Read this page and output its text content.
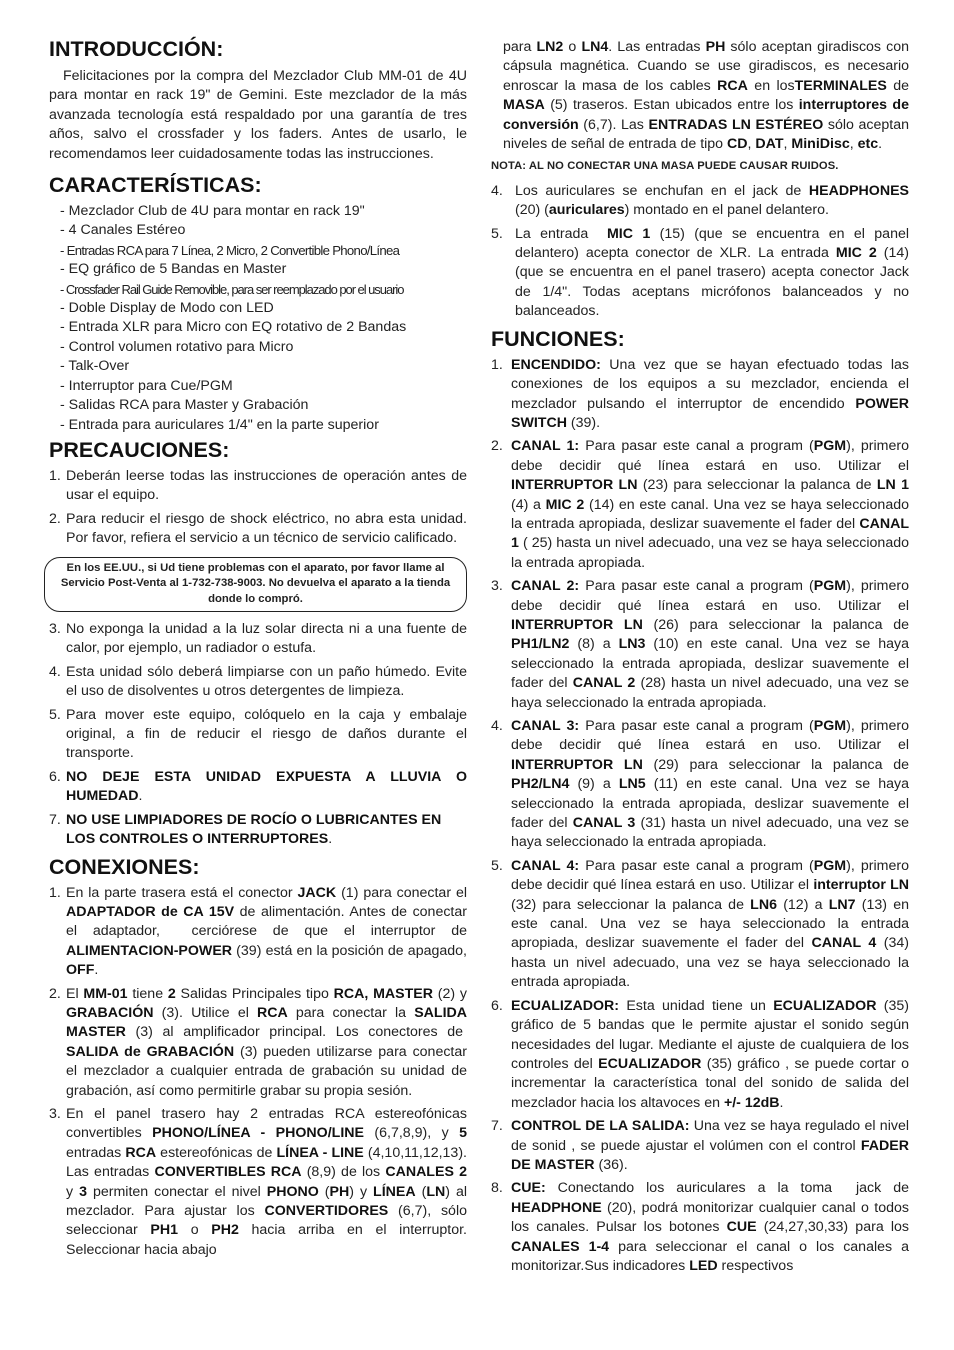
INTRODUCCIÓN:

Felicitaciones por la compra del Mezclador Club MM-01 de 4U para montar en rack 19" de Gemini. Este mezclador de la más avanzada tecnología está respaldado por una garantía de tres años, salvo el crossfader y los faders. Antes de usarlo, le recomendamos leer cuidadosamente todas las instrucciones.

CARACTERÍSTICAS:
- Mezclador Club de 4U para montar en rack 19"
- 4 Canales Estéreo
- Entradas RCA para 7 Línea, 2 Micro, 2 Convertible Phono/Línea
- EQ gráfico de 5 Bandas en Master
- Crossfader Rail Guide Removible, para ser reemplazado por el usuario
- Doble Display de Modo con LED
- Entrada XLR para Micro con EQ rotativo de 2 Bandas
- Control volumen rotativo para Micro
- Talk-Over
- Interruptor para Cue/PGM
- Salidas RCA para Master y Grabación
- Entrada para auriculares 1/4" en la parte superior
PRECAUCIONES:
1. Deberán leerse todas las instrucciones de operación antes de usar el equipo.
2. Para reducir el riesgo de shock eléctrico, no abra esta unidad. Por favor, refiera el servicio a un técnico de servicio calificado.
En los EE.UU., si Ud tiene problemas con el aparato, por favor llame al Servicio Post-Venta al 1-732-738-9003. No devuelva el aparato a la tienda donde lo compró.
3. No exponga la unidad a la luz solar directa ni a una fuente de calor, por ejemplo, un radiador o estufa.
4. Esta unidad sólo deberá limpiarse con un paño húmedo. Evite el uso de disolventes u otros detergentes de limpieza.
5. Para mover este equipo, colóquelo en la caja y embalaje original, a fin de reducir el riesgo de daños durante el transporte.
6. NO DEJE ESTA UNIDAD EXPUESTA A LLUVIA O HUMEDAD.
7. NO USE LIMPIADORES DE ROCÍO O LUBRICANTES EN LOS CONTROLES O INTERRUPTORES.
CONEXIONES:
1. En la parte trasera está el conector JACK (1) para conectar el ADAPTADOR de CA 15V de alimentación. Antes de conectar el adaptador,  cerciórese de que el interruptor de ALIMENTACION-POWER (39) está en la posición de apagado, OFF.
2. El MM-01 tiene 2 Salidas Principales tipo RCA, MASTER (2) y GRABACIÓN (3). Utilice el RCA para conectar la SALIDA MASTER (3) al amplificador principal. Los conectores de  SALIDA de GRABACIÓN (3) pueden utilizarse para conectar el mezclador a cualquier entrada de grabación su unidad de grabación, así como permitirle grabar su propia sesión.
3. En el panel trasero hay 2 entradas RCA estereofónicas convertibles PHONO/LÍNEA - PHONO/LINE (6,7,8,9), y 5 entradas RCA estereofónicas de LÍNEA - LINE (4,10,11,12,13). Las entradas CONVERTIBLES RCA (8,9) de los CANALES 2 y 3 permiten conectar el nivel PHONO (PH) y LÍNEA (LN) al mezclador. Para ajustar los CONVERTIDORES (6,7), sólo seleccionar PH1 o PH2 hacia arriba en el interruptor. Seleccionar hacia abajo

para LN2 o LN4. Las entradas PH sólo aceptan giradiscos con cápsula magnética. Cuando se use giradiscos, es necesario enroscar la masa de los cables RCA en losTERMINALES de MASA (5) traseros. Estan ubicados entre los interruptores de conversión (6,7). Las ENTRADAS LN ESTÉREO sólo aceptan niveles de señal de entrada de tipo CD, DAT, MiniDisc, etc.

NOTA: AL NO CONECTAR UNA MASA PUEDE CAUSAR RUIDOS.
4. Los auriculares se enchufan en el jack de HEADPHONES (20) (auriculares) montado en el panel delantero.
5. La entrada  MIC 1 (15) (que se encuentra en el panel delantero) acepta conector de XLR. La entrada MIC 2 (14) (que se encuentra en el panel trasero) acepta conector Jack de 1/4". Todas aceptans micrófonos balanceados y no balanceados.
FUNCIONES:
1. ENCENDIDO: Una vez que se hayan efectuado todas las conexiones de los equipos a su mezclador, encienda el mezclador pulsando el interruptor de encendido POWER SWITCH (39).
2. CANAL 1: Para pasar este canal a program (PGM), primero debe decidir qué línea estará en uso. Utilizar el INTERRUPTOR LN (23) para seleccionar la palanca de LN 1 (4) a MIC 2 (14) en este canal. Una vez se haya seleccionado la entrada apropiada, deslizar suavemente el fader del CANAL 1 ( 25) hasta un nivel adecuado, una vez se haya seleccionado la entrada apropiada.
3. CANAL 2: Para pasar este canal a program (PGM), primero debe decidir qué línea estará en uso. Utilizar el INTERRUPTOR LN (26) para seleccionar la palanca de PH1/LN2 (8) a LN3 (10) en este canal. Una vez se haya seleccionado la entrada apropiada, deslizar suavemente el fader del CANAL 2 (28) hasta un nivel adecuado, una vez se haya seleccionado la entrada apropiada.
4. CANAL 3: Para pasar este canal a program (PGM), primero debe decidir qué línea estará en uso. Utilizar el INTERRUPTOR LN (29) para seleccionar la palanca de PH2/LN4 (9) a LN5 (11) en este canal. Una vez se haya seleccionado la entrada apropiada, deslizar suavemente el fader del CANAL 3 (31) hasta un nivel adecuado, una vez se haya seleccionado la entrada apropiada.
5. CANAL 4: Para pasar este canal a program (PGM), primero debe decidir qué línea estará en uso. Utilizar el interruptor LN (32) para seleccionar la palanca de LN6 (12) a LN7 (13) en este canal. Una vez se haya seleccionado la entrada apropiada, deslizar suavemente el fader del CANAL 4 (34) hasta un nivel adecuado, una vez se haya seleccionado la entrada apropiada.
6. ECUALIZADOR: Esta unidad tiene un ECUALIZADOR (35) gráfico de 5 bandas que le permite ajustar el sonido según necesidades del lugar. Mediante el ajuste de cualquiera de los controles del ECUALIZADOR (35) gráfico , se puede cortar o incrementar la característica tonal del sonido de salida del mezclador hacia los altavoces en +/- 12dB.
7. CONTROL DE LA SALIDA: Una vez se haya regulado el nivel de sonid , se puede ajustar el volúmen con el control FADER DE MASTER (36).
8. CUE: Conectando los auriculares a la toma  jack de HEADPHONE (20), podrá monitorizar cualquier canal o todos los canales. Pulsar los botones CUE (24,27,30,33) para los CANALES 1-4 para seleccionar el canal o los canales a monitorizar.Sus indicadores LED respectivos
